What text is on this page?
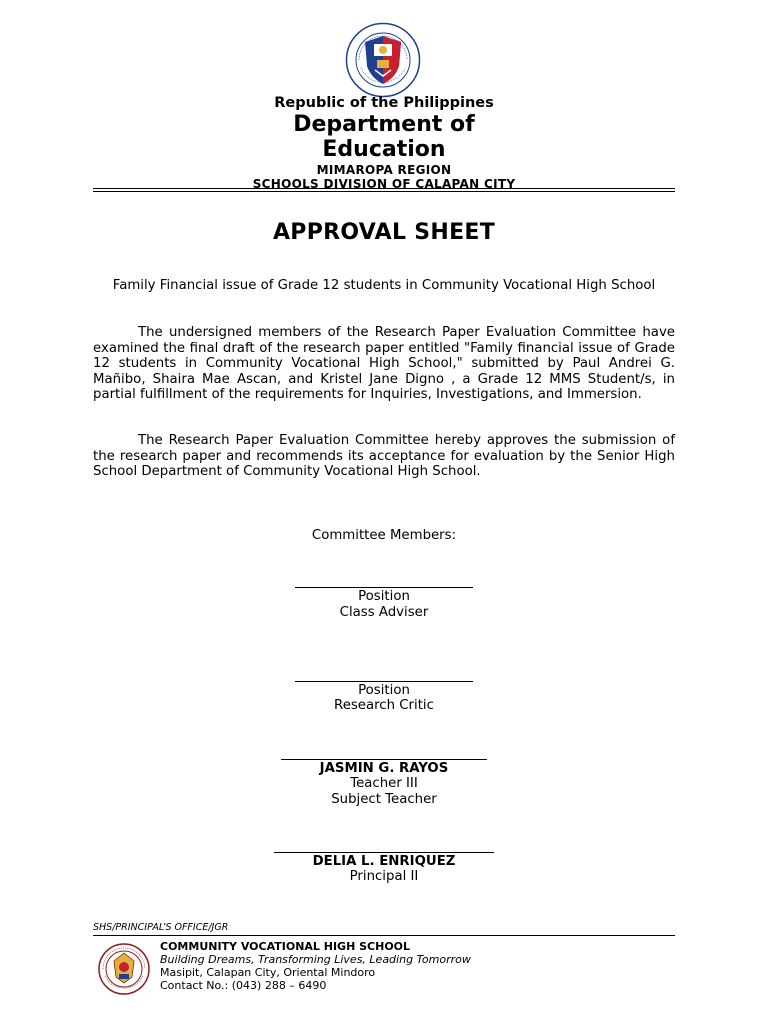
Republic of the Philippines
Department of
Education
MIMAROPA REGION
SCHOOLS DIVISION OF CALAPAN CITY
APPROVAL SHEET
Family Financial issue of Grade 12 students in Community Vocational High School
The undersigned members of the Research Paper Evaluation Committee have examined the final draft of the research paper entitled "Family financial issue of Grade 12 students in Community Vocational High School," submitted by Paul Andrei G. Mañibo, Shaira Mae Ascan, and Kristel Jane Digno , a Grade 12 MMS Student/s, in partial fulfillment of the requirements for Inquiries, Investigations, and Immersion.
The Research Paper Evaluation Committee hereby approves the submission of the research paper and recommends its acceptance for evaluation by the Senior High School Department of Community Vocational High School.
Committee Members:
Position
Class Adviser
Position
Research Critic
JASMIN G. RAYOS
Teacher III
Subject Teacher
DELIA L. ENRIQUEZ
Principal II
SHS/PRINCIPAL’S OFFICE/JGR
COMMUNITY VOCATIONAL HIGH SCHOOL
Building Dreams, Transforming Lives, Leading Tomorrow
Masipit, Calapan City, Oriental Mindoro
Contact No.: (043) 288 – 6490
